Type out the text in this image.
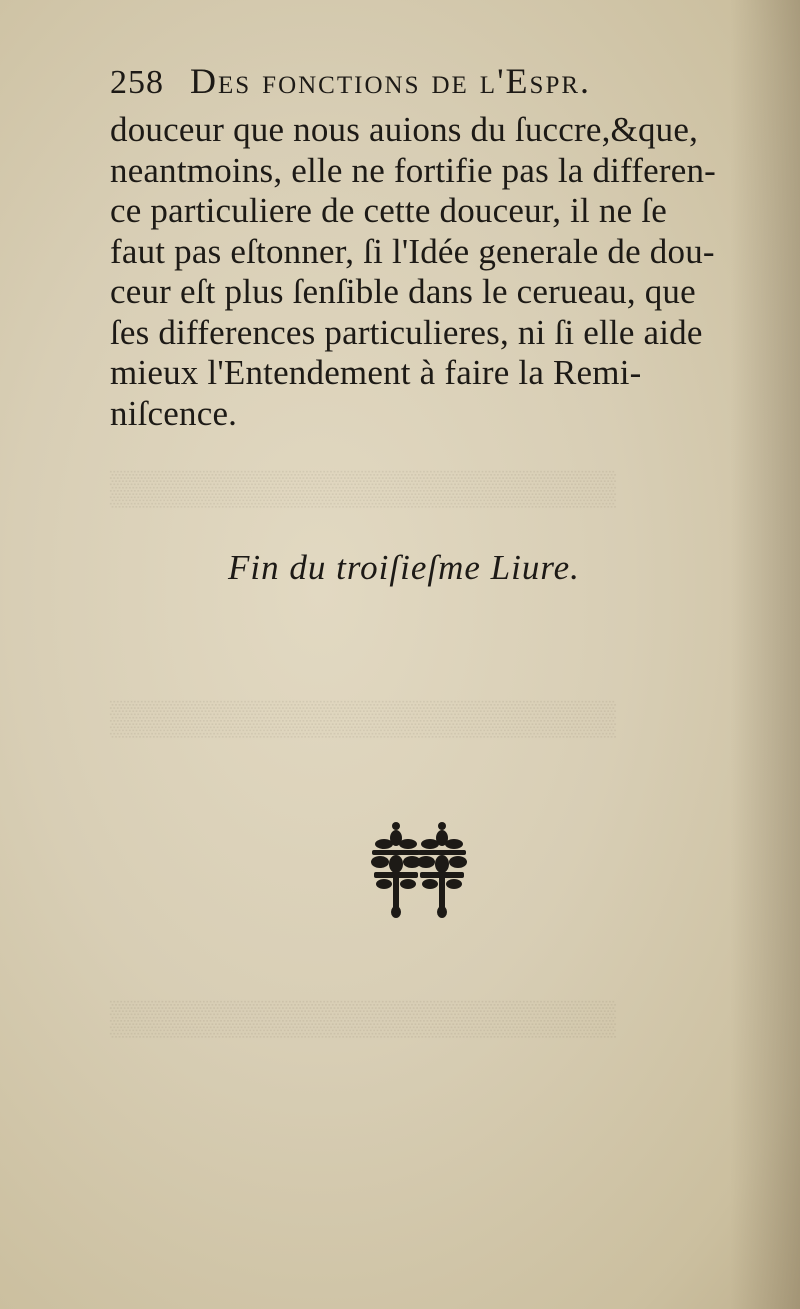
▒▒▒▒▒▒▒▒▒▒▒▒▒▒▒▒▒▒▒▒▒
▒▒▒▒▒▒▒▒▒▒▒▒▒▒▒▒▒▒▒▒▒
▒▒▒▒▒▒▒▒▒▒▒▒▒▒▒▒▒▒▒▒▒
258 Des fonctions de l'Espr.
douceur que nous auions du ſuccre,&que,
neantmoins, elle ne fortifie pas la differen-
ce particuliere de cette douceur, il ne ſe
faut pas eſtonner, ſi l'Idée generale de dou-
ceur eſt plus ſenſible dans le cerueau, que
ſes differences particulieres, ni ſi elle aide
mieux l'Entendement à faire la Remi-
niſcence.
Fin du troiſieſme Liure.
